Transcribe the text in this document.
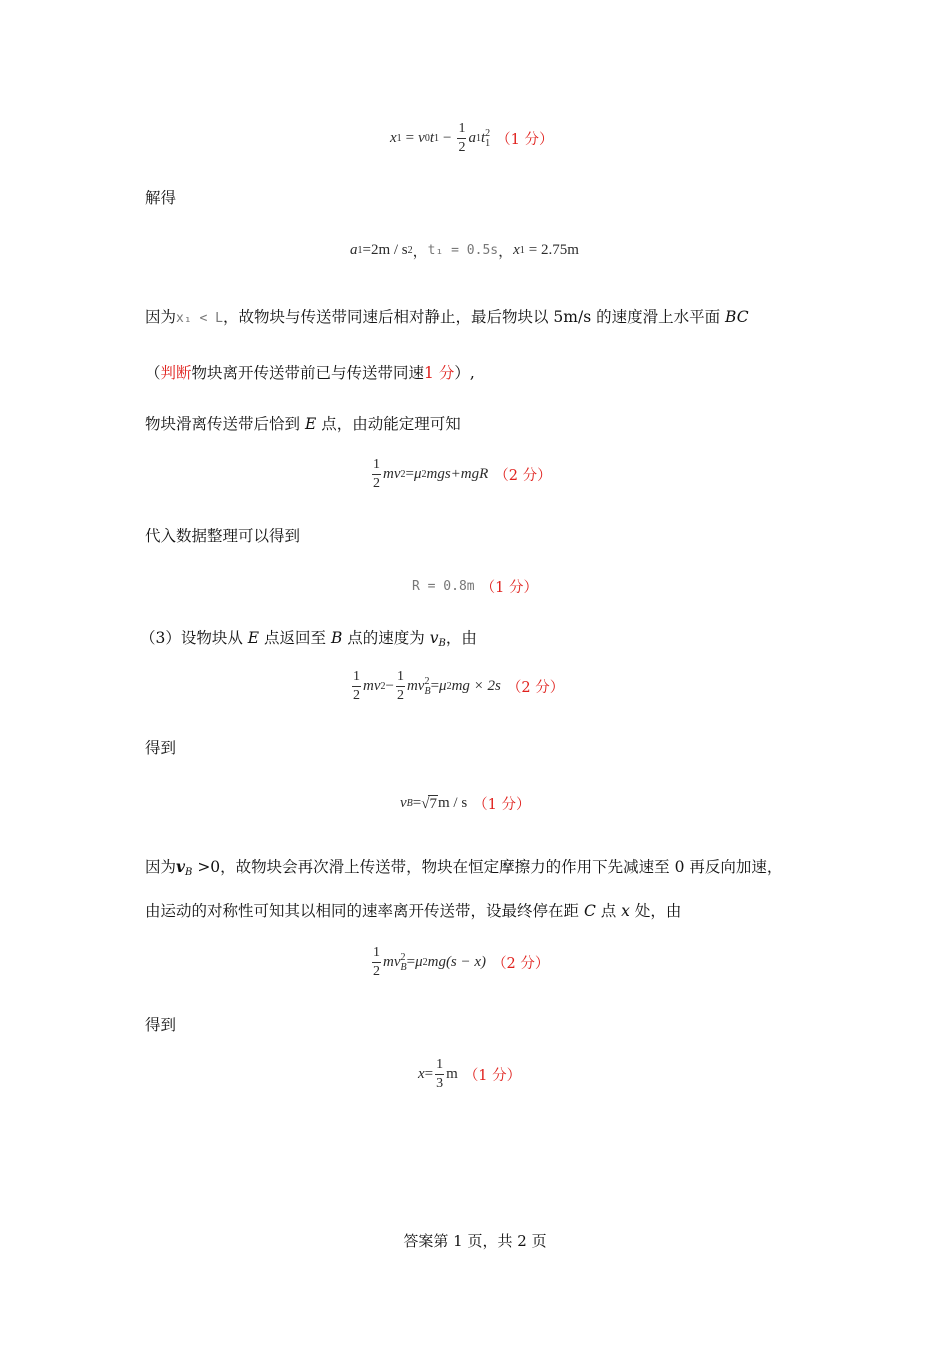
x 1 = v 0 t $1 - \frac{1}{2}$ a 1 t 2
1 （1 分）
解得
a 1 =2m / s 2 ， t₁ = 0.5s ， x 1 = 2.75m
因为x₁ < L，故物块与传送带同速后相对静止，最后物块以 5m/s 的速度滑上水平面 BC
（判断物块离开传送带前已与传送带同速1 分）,
物块滑离传送带后恰到 E 点，由动能定理可知
$\frac{1}{2}$ mv 2 = μ 2 mgs+mgR （2 分）
代入数据整理可以得到
R = 0.8m （1 分）
（3）设物块从 E 点返回至 B 点的速度为 $v_B$，由
$\frac{1}{2}$ mv $2 - \frac{1}{2}$ mv 2
B = μ 2 mg × 2s （2 分）
得到
v B = √ 7 m / s （1 分）
因为$v_B >0$，故物块会再次滑上传送带，物块在恒定摩擦力的作用下先减速至 0 再反向加速，
由运动的对称性可知其以相同的速率离开传送带，设最终停在距 C 点 x 处，由
$\frac{1}{2}$ mv 2
B = μ 2 mg(s − x) （2 分）
得到
$x = \frac{1}{3}$ m （1 分）
答案第 1 页，共 2 页
